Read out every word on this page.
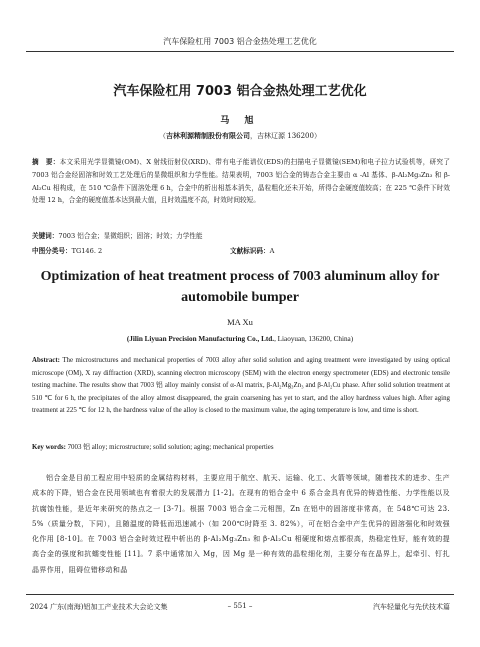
汽车保险杠用 7003 铝合金热处理工艺优化
汽车保险杠用 7003 铝合金热处理工艺优化
马 旭
（吉林利源精制股份有限公司，吉林辽源 136200）
摘　要：本文采用光学显微镜(OM)、X 射线衍射仪(XRD)、带有电子能谱仪(EDS)的扫描电子显微镜(SEM)和电子拉力试验机等，研究了 7003 铝合金经固溶和时效工艺处理后的显微组织和力学性能。结果表明，7003 铝合金的铸态合金主要由 α -Al 基体、β-Al₂Mg₃Zn₃ 和 β-Al₂Cu 相构成，在 510 ℃条件下固溶处理 6 h，合金中的析出相基本消失，晶粒粗化还未开始，所得合金硬度值较高；在 225 ℃条件下时效处理 12 h，合金的硬度值基本达到最大值，且时效温度不高，时效时间较短。
关键词：7003 铝合金；显微组织；固溶；时效；力学性能
中图分类号：TG146. 2	文献标识码：A
Optimization of heat treatment process of 7003 aluminum alloy for automobile bumper
MA Xu
(Jilin Liyuan Precision Manufacturing Co., Ltd., Liaoyuan, 136200, China)
Abstract: The microstructures and mechanical properties of 7003 alloy after solid solution and aging treatment were investigated by using optical microscope (OM), X ray diffraction (XRD), scanning electron microscopy (SEM) with the electron energy spectrometer (EDS) and electronic tensile testing machine. The results show that 7003 铝 alloy mainly consist of α-Al matrix, β-Al₂Mg₃Zn₃ and β-Al₂Cu phase. After solid solution treatment at 510 ℃ for 6 h, the precipitates of the alloy almost disappeared, the grain coarsening has yet to start, and the alloy hardness values high. After aging treatment at 225 ℃ for 12 h, the hardness value of the alloy is closed to the maximum value, the aging temperature is low, and time is short.
Key words: 7003 铝 alloy; microstructure; solid solution; aging; mechanical properties
铝合金是目前工程应用中轻质的金属结构材料，主要应用于航空、航天、运输、化工、火箭等领域，随着技术的进步、生产成本的下降，铝合金在民用领域也有着很大的发展潜力 [1-2]。在现有的铝合金中 6 系合金具有优异的铸造性能、力学性能以及抗腐蚀性能，是近年来研究的热点之一 [3-7]。根据 7003 铝合金二元相图，Zn 在铝中的固溶度非常高，在 548℃可达 23. 5%（质量分数，下同），且随温度的降低而迅速减小（如 200℃时降至 3. 82%），可在铝合金中产生优异的固溶强化和时效强化作用 [8-10]。在 7003 铝合金时效过程中析出的 β-Al₂Mg₃Zn₃ 和 β-Al₂Cu 相硬度和熔点都很高，热稳定性好，能有效的提高合金的强度和抗蠕变性能 [11]。7 系中通常加入 Mg，因 Mg 是一种有效的晶粒细化剂，主要分布在晶界上，起牵引、钉扎晶界作用，阻碍位错移动和晶
2024 广东(南海)铝加工产业技术大会论文集	– 551 –	汽车轻量化与先伏技术篇
